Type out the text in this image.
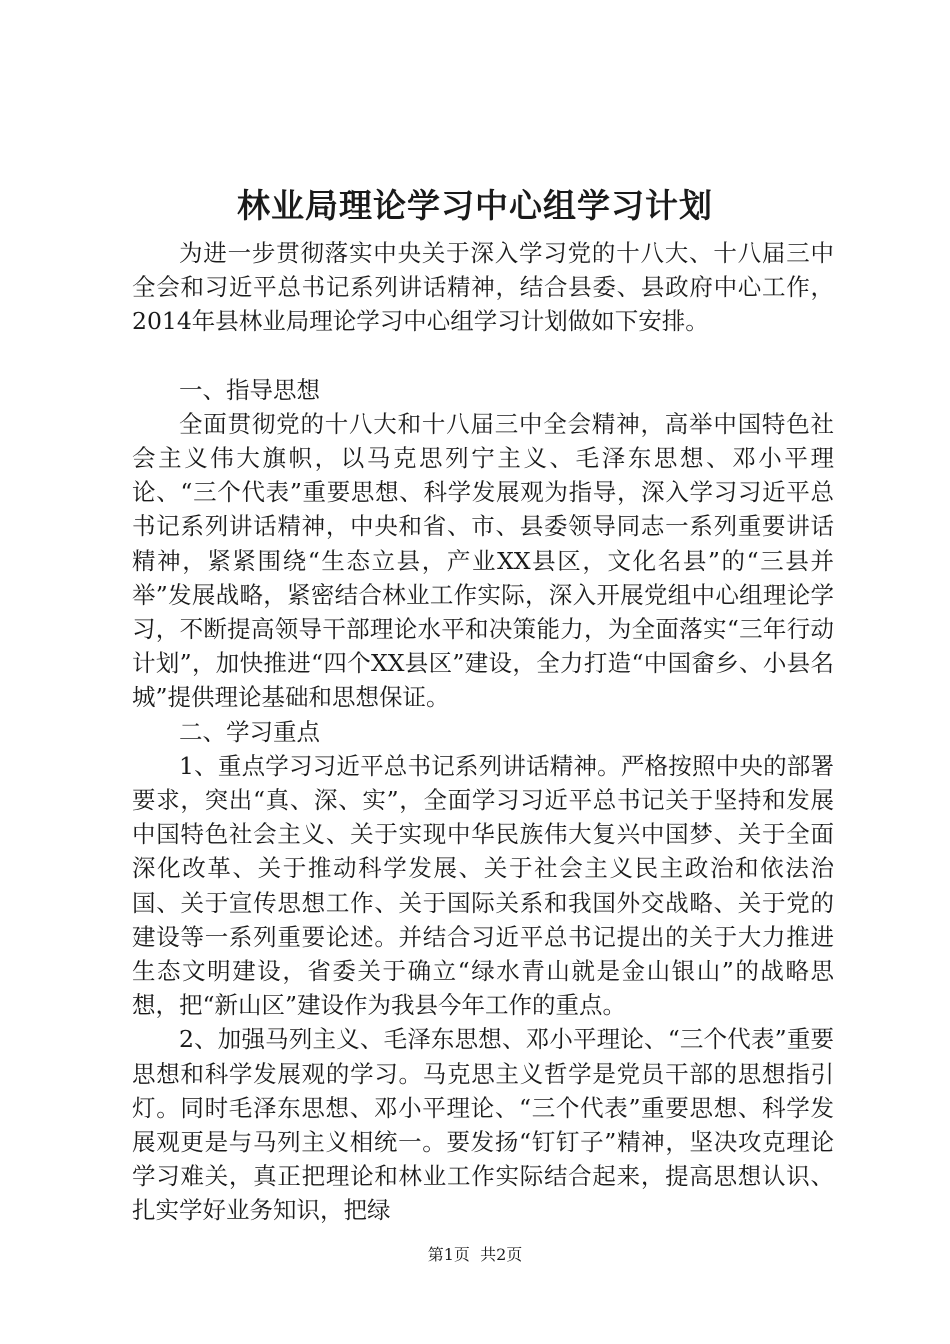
林业局理论学习中心组学习计划

为进一步贯彻落实中央关于深入学习党的十八大、十八届三中全会和习近平总书记系列讲话精神，结合县委、县政府中心工作，2014年县林业局理论学习中心组学习计划做如下安排。

一、指导思想

全面贯彻党的十八大和十八届三中全会精神，高举中国特色社会主义伟大旗帜，以马克思列宁主义、毛泽东思想、邓小平理论、“三个代表”重要思想、科学发展观为指导，深入学习习近平总书记系列讲话精神，中央和省、市、县委领导同志一系列重要讲话精神，紧紧围绕“生态立县，产业XX县区，文化名县”的“三县并举”发展战略，紧密结合林业工作实际，深入开展党组中心组理论学习，不断提高领导干部理论水平和决策能力，为全面落实“三年行动计划”，加快推进“四个XX县区”建设，全力打造“中国畲乡、小县名城”提供理论基础和思想保证。

二、学习重点

1、重点学习习近平总书记系列讲话精神。严格按照中央的部署要求，突出“真、深、实”，全面学习习近平总书记关于坚持和发展中国特色社会主义、关于实现中华民族伟大复兴中国梦、关于全面深化改革、关于推动科学发展、关于社会主义民主政治和依法治国、关于宣传思想工作、关于国际关系和我国外交战略、关于党的建设等一系列重要论述。并结合习近平总书记提出的关于大力推进生态文明建设，省委关于确立“绿水青山就是金山银山”的战略思想，把“新山区”建设作为我县今年工作的重点。

2、加强马列主义、毛泽东思想、邓小平理论、“三个代表”重要思想和科学发展观的学习。马克思主义哲学是党员干部的思想指引灯。同时毛泽东思想、邓小平理论、“三个代表”重要思想、科学发展观更是与马列主义相统一。要发扬“钉钉子”精神，坚决攻克理论学习难关，真正把理论和林业工作实际结合起来，提高思想认识、扎实学好业务知识，把绿

第1页 共2页
